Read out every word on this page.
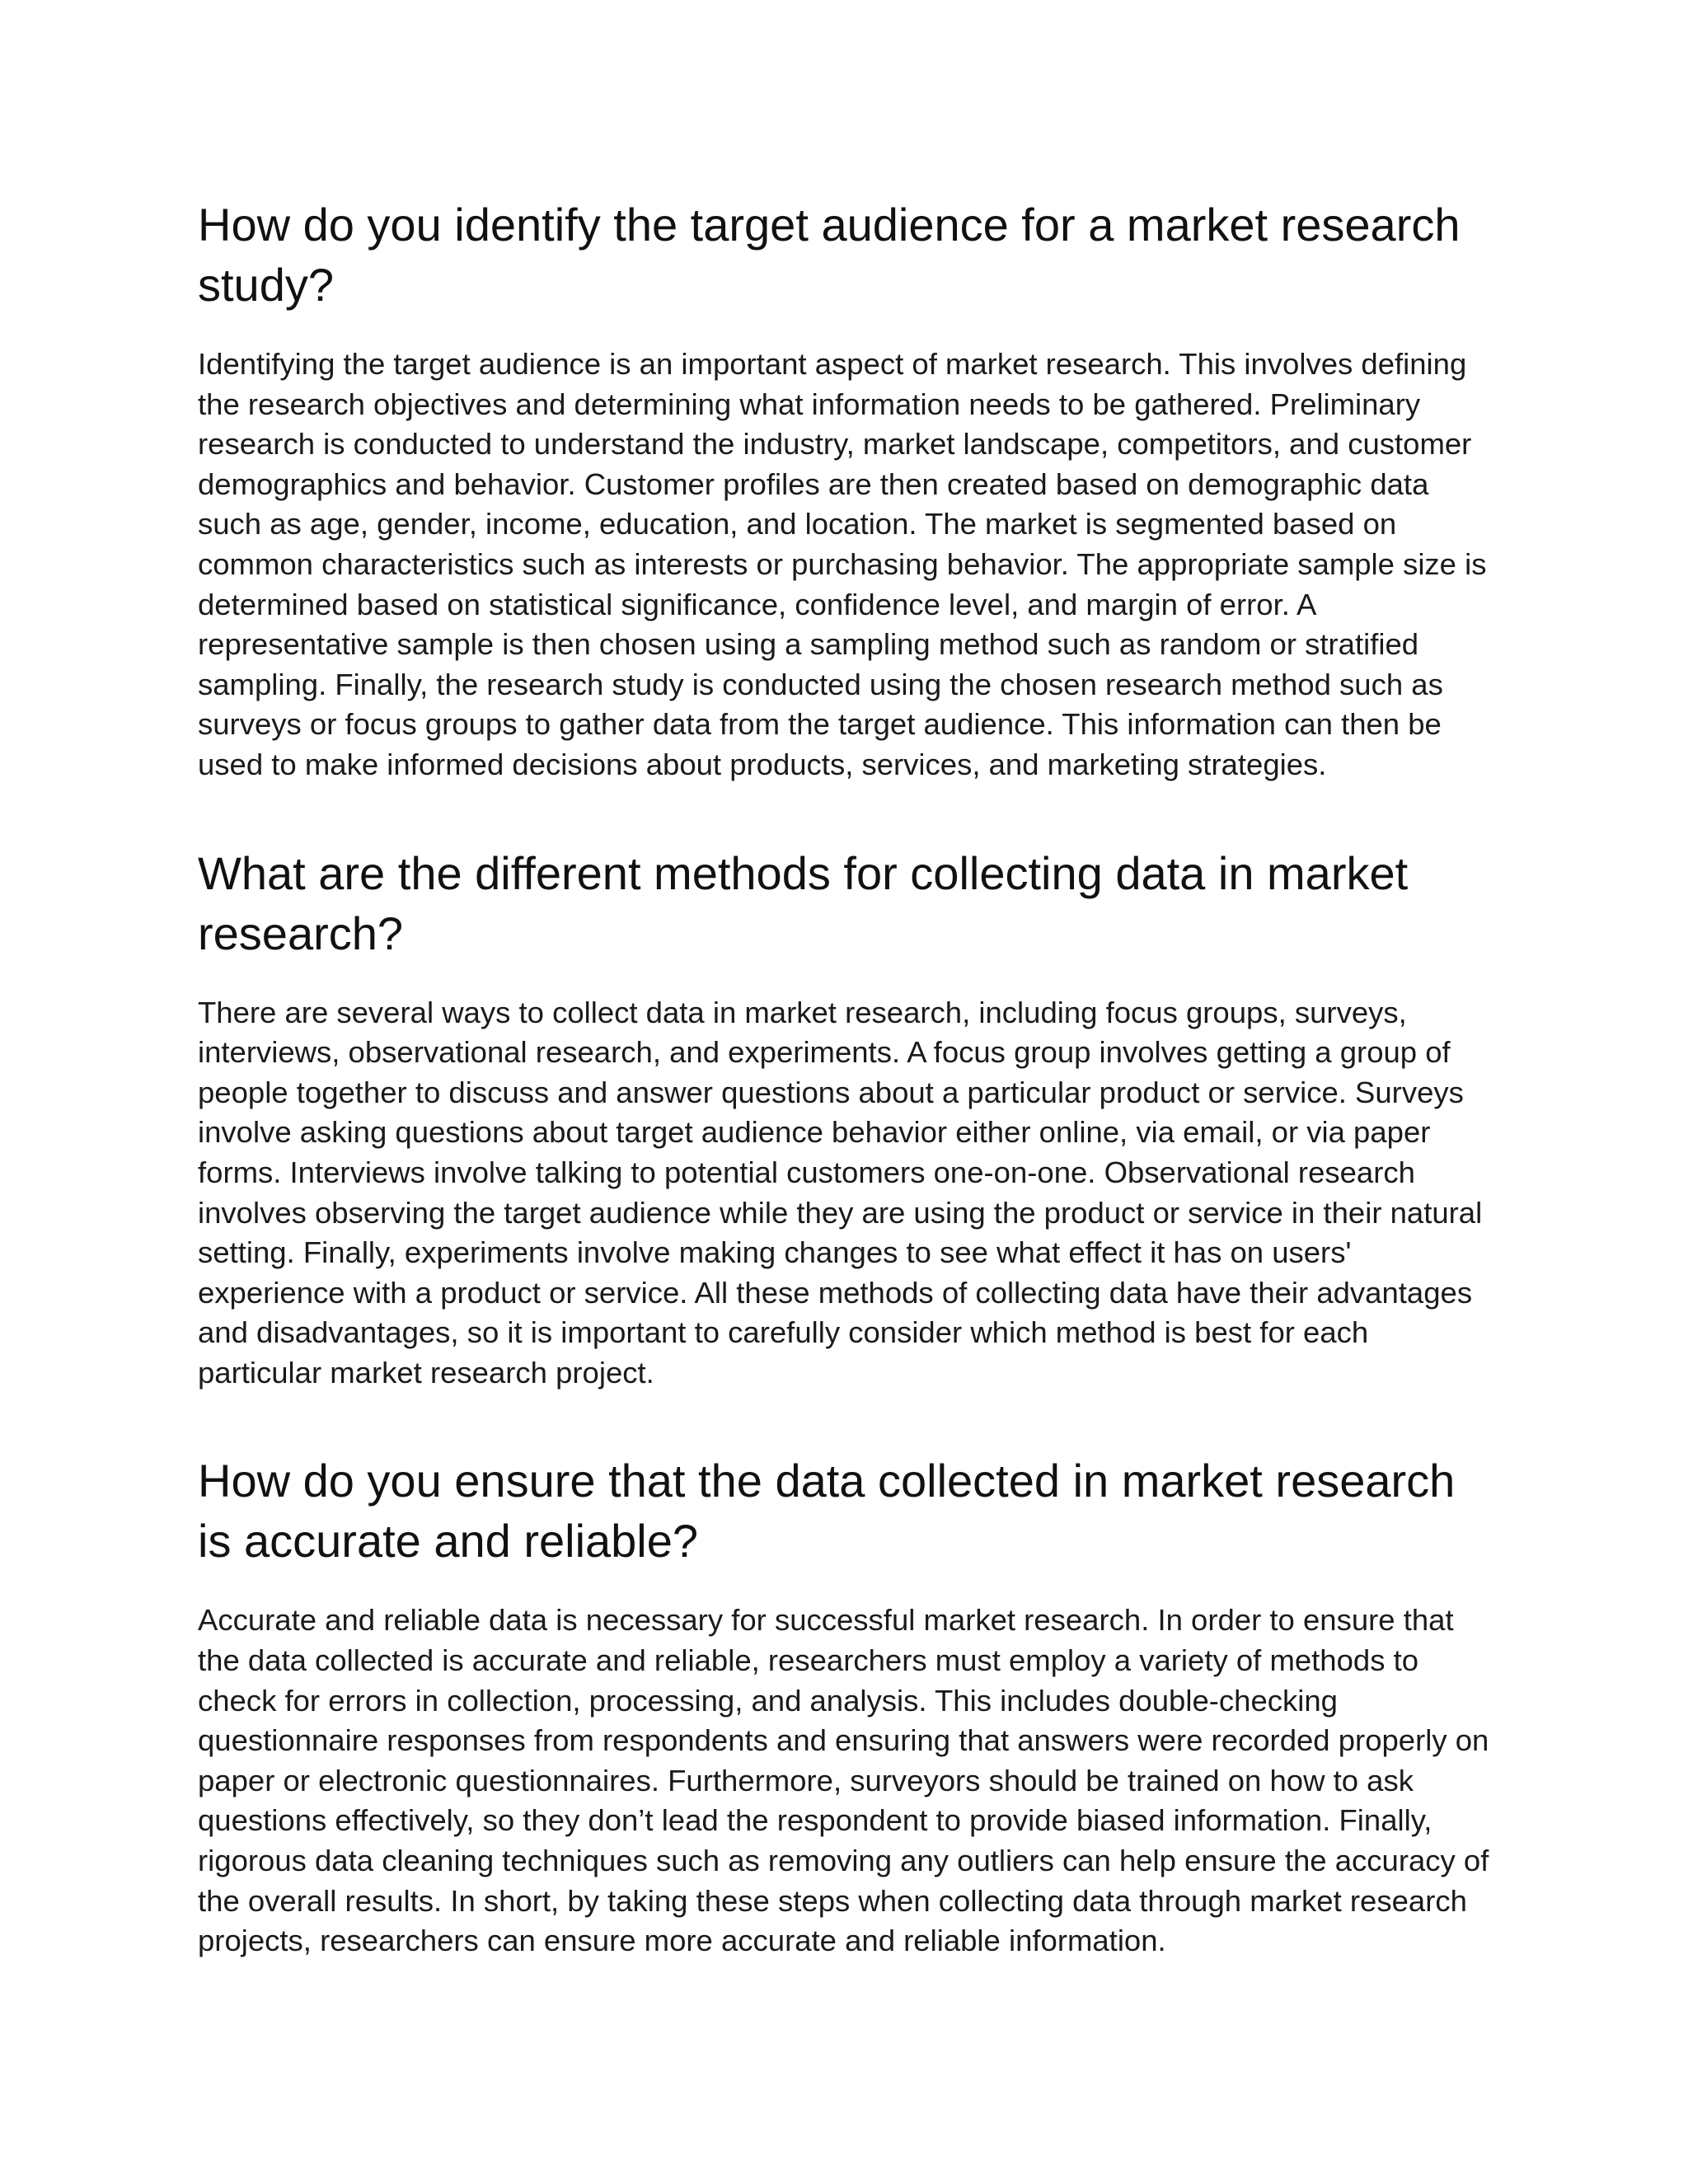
How do you identify the target audience for a market research study?

Identifying the target audience is an important aspect of market research. This involves defining the research objectives and determining what information needs to be gathered. Preliminary research is conducted to understand the industry, market landscape, competitors, and customer demographics and behavior. Customer profiles are then created based on demographic data such as age, gender, income, education, and location. The market is segmented based on common characteristics such as interests or purchasing behavior. The appropriate sample size is determined based on statistical significance, confidence level, and margin of error. A representative sample is then chosen using a sampling method such as random or stratified sampling. Finally, the research study is conducted using the chosen research method such as surveys or focus groups to gather data from the target audience. This information can then be used to make informed decisions about products, services, and marketing strategies.

What are the different methods for collecting data in market research?

There are several ways to collect data in market research, including focus groups, surveys, interviews, observational research, and experiments. A focus group involves getting a group of people together to discuss and answer questions about a particular product or service. Surveys involve asking questions about target audience behavior either online, via email, or via paper forms. Interviews involve talking to potential customers one-on-one. Observational research involves observing the target audience while they are using the product or service in their natural setting. Finally, experiments involve making changes to see what effect it has on users' experience with a product or service. All these methods of collecting data have their advantages and disadvantages, so it is important to carefully consider which method is best for each particular market research project.

How do you ensure that the data collected in market research is accurate and reliable?

Accurate and reliable data is necessary for successful market research. In order to ensure that the data collected is accurate and reliable, researchers must employ a variety of methods to check for errors in collection, processing, and analysis. This includes double-checking questionnaire responses from respondents and ensuring that answers were recorded properly on paper or electronic questionnaires. Furthermore, surveyors should be trained on how to ask questions effectively, so they don’t lead the respondent to provide biased information. Finally, rigorous data cleaning techniques such as removing any outliers can help ensure the accuracy of the overall results. In short, by taking these steps when collecting data through market research projects, researchers can ensure more accurate and reliable information.
